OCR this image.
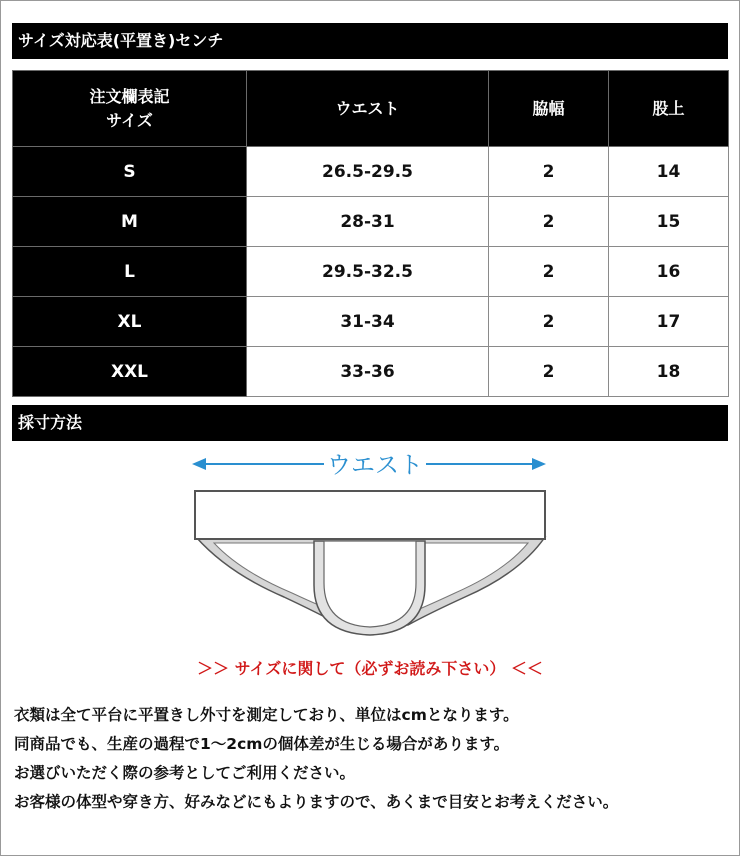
サイズ対応表(平置き)センチ
注文欄表記
サイズ	ウエスト	脇幅	股上
S	26.5-29.5	2	14
M	28-31	2	15
L	29.5-32.5	2	16
XL	31-34	2	17
XXL	33-36	2	18
採寸方法
ウエスト
＞＞ サイズに関して（必ずお読み下さい） ＜＜
衣類は全て平台に平置きし外寸を測定しており、単位はcmとなります。
同商品でも、生産の過程で1～2cmの個体差が生じる場合があります。
お選びいただく際の参考としてご利用ください。
お客様の体型や穿き方、好みなどにもよりますので、あくまで目安とお考えください。
